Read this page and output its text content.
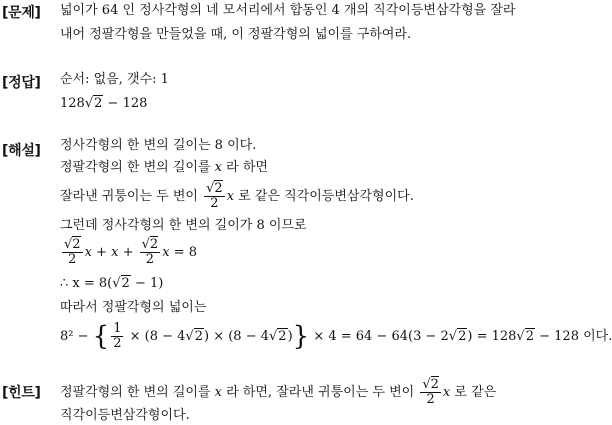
[문제] 넓이가 64 인 정사각형의 네 모서리에서 합동인 4 개의 직각이등변삼각형을 잘라
내어 정팔각형을 만들었을 때, 이 정팔각형의 넓이를 구하여라.
[정답] 순서: 없음, 갯수: 1
128√2 − 128
[해설] 정사각형의 한 변의 길이는 8 이다.
정팔각형의 한 변의 길이를 x 라 하면
잘라낸 귀퉁이는 두 변이 $\frac{√2}{2}$ x 로 같은 직각이등변삼각형이다.
그런데 정사각형의 한 변의 길이가 8 이므로
$\frac{√2}{2}$ $x + x + \frac{√2}{2}$ x = 8
∴ x = 8(√2 − 1)
따라서 정팔각형의 넓이는
8² − { $\frac{1}{2} \times (8 - 4√2) \times (8 - 4√2)\} \times 4 = 64 - 64(3 - 2√2) = 128√2 - 128$ 이다.
[힌트] 정팔각형의 한 변의 길이를 x 라 하면, 잘라낸 귀퉁이는 두 변이 $\frac{√2}{2}$ x 로 같은
직각이등변삼각형이다.
